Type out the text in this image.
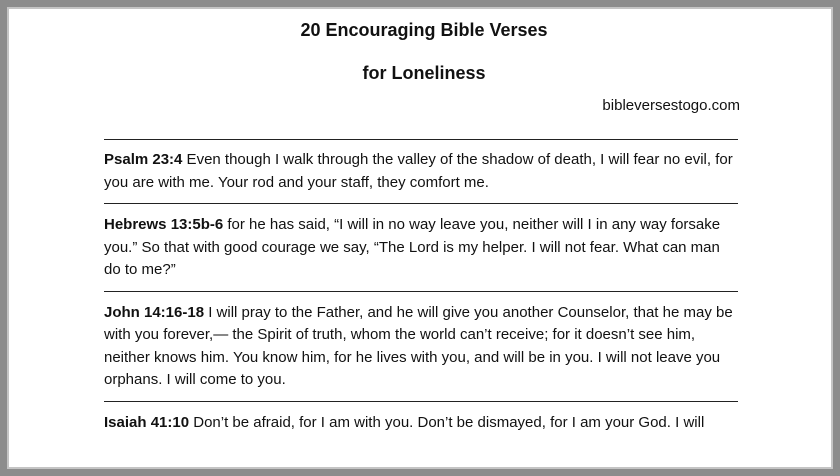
20 Encouraging Bible Verses

for Loneliness

bibleversestogo.com

Psalm 23:4 Even though I walk through the valley of the shadow of death, I will fear no evil, for you are with me. Your rod and your staff, they comfort me.

Hebrews 13:5b-6 for he has said, “I will in no way leave you, neither will I in any way forsake you.” So that with good courage we say, “The Lord is my helper. I will not fear. What can man do to me?”

John 14:16-18 I will pray to the Father, and he will give you another Counselor, that he may be with you forever,— the Spirit of truth, whom the world can’t receive; for it doesn’t see him, neither knows him. You know him, for he lives with you, and will be in you. I will not leave you orphans. I will come to you.

Isaiah 41:10 Don’t be afraid, for I am with you. Don’t be dismayed, for I am your God. I will
